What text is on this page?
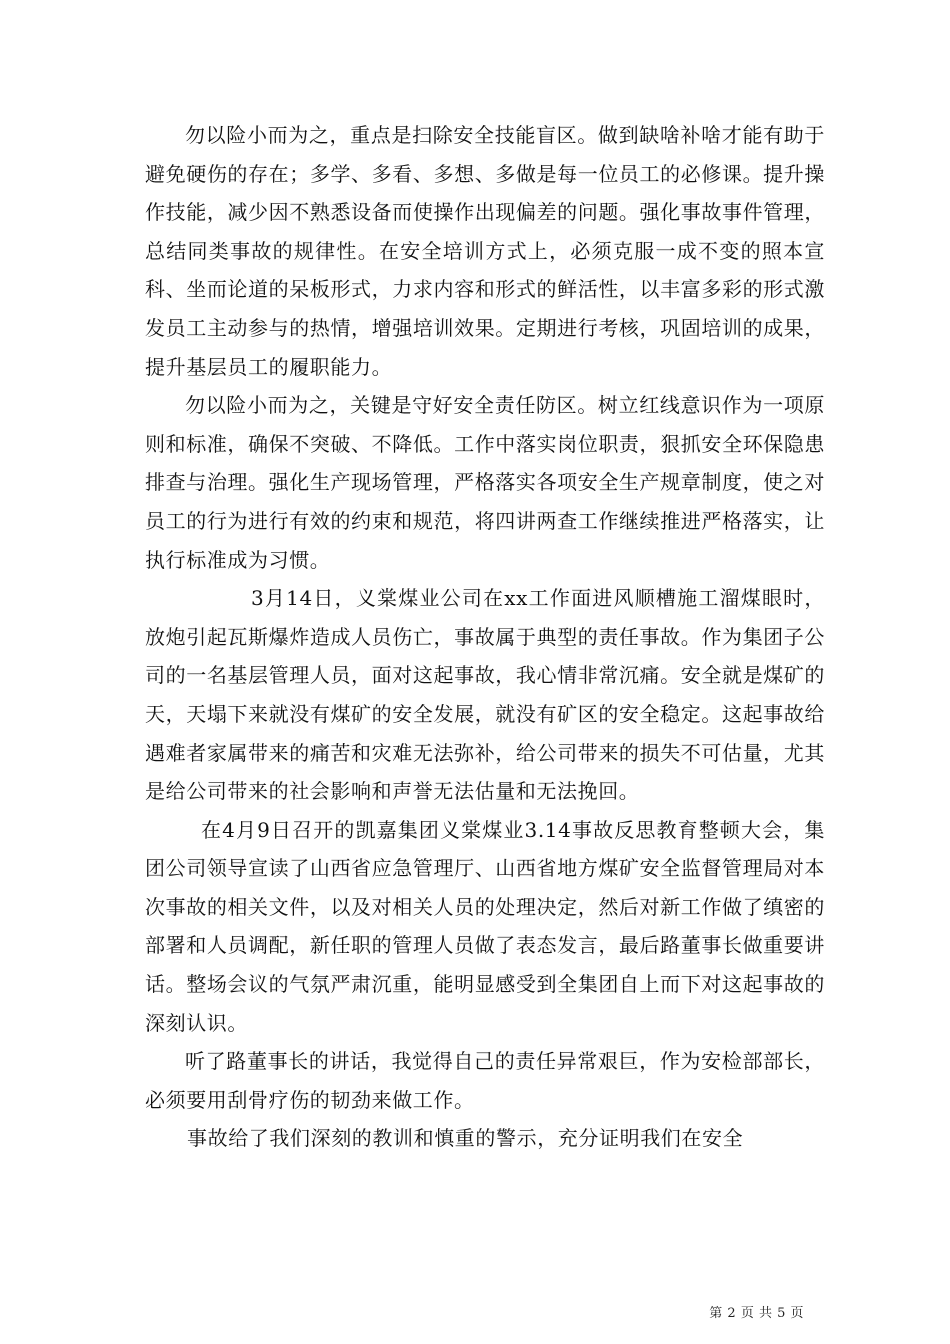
勿以险小而为之，重点是扫除安全技能盲区。做到缺啥补啥才能有助于避免硬伤的存在；多学、多看、多想、多做是每一位员工的必修课。提升操作技能，减少因不熟悉设备而使操作出现偏差的问题。强化事故事件管理，总结同类事故的规律性。在安全培训方式上，必须克服一成不变的照本宣科、坐而论道的呆板形式，力求内容和形式的鲜活性，以丰富多彩的形式激发员工主动参与的热情，增强培训效果。定期进行考核，巩固培训的成果，提升基层员工的履职能力。

勿以险小而为之，关键是守好安全责任防区。树立红线意识作为一项原则和标准，确保不突破、不降低。工作中落实岗位职责，狠抓安全环保隐患排查与治理。强化生产现场管理，严格落实各项安全生产规章制度，使之对员工的行为进行有效的约束和规范，将四讲两查工作继续推进严格落实，让执行标准成为习惯。

3月14日，义棠煤业公司在xx工作面进风顺槽施工溜煤眼时，放炮引起瓦斯爆炸造成人员伤亡，事故属于典型的责任事故。作为集团子公司的一名基层管理人员，面对这起事故，我心情非常沉痛。安全就是煤矿的天，天塌下来就没有煤矿的安全发展，就没有矿区的安全稳定。这起事故给遇难者家属带来的痛苦和灾难无法弥补，给公司带来的损失不可估量，尤其是给公司带来的社会影响和声誉无法估量和无法挽回。

在4月9日召开的凯嘉集团义棠煤业3.14事故反思教育整顿大会，集团公司领导宣读了山西省应急管理厅、山西省地方煤矿安全监督管理局对本次事故的相关文件，以及对相关人员的处理决定，然后对新工作做了缜密的部署和人员调配，新任职的管理人员做了表态发言，最后路董事长做重要讲话。整场会议的气氛严肃沉重，能明显感受到全集团自上而下对这起事故的深刻认识。

听了路董事长的讲话，我觉得自己的责任异常艰巨，作为安检部部长，必须要用刮骨疗伤的韧劲来做工作。

事故给了我们深刻的教训和慎重的警示，充分证明我们在安全

第 2 页 共 5 页
